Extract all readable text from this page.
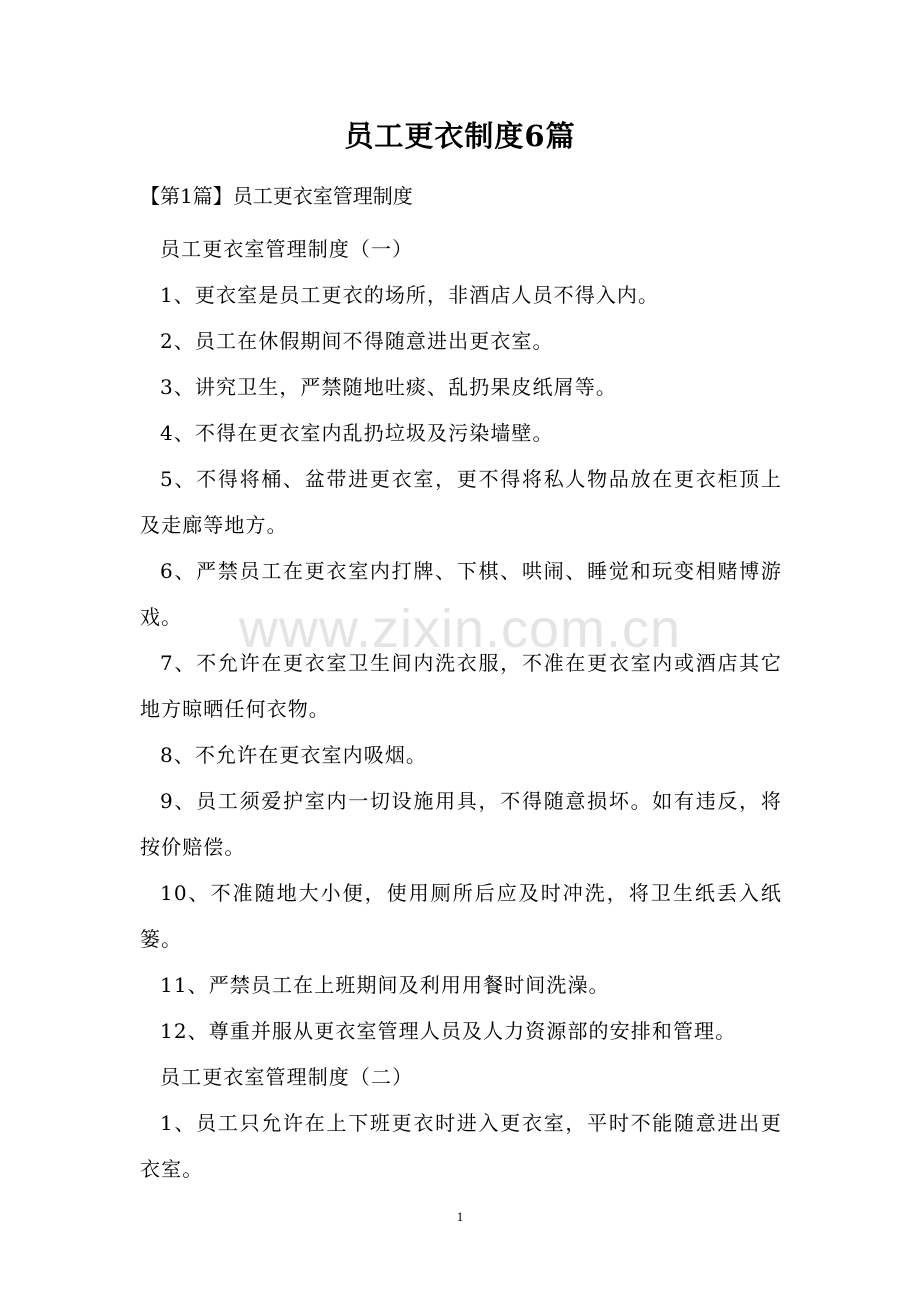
员工更衣制度6篇
【第1篇】员工更衣室管理制度

员工更衣室管理制度（一）

1、更衣室是员工更衣的场所，非酒店人员不得入内。

2、员工在休假期间不得随意进出更衣室。

3、讲究卫生，严禁随地吐痰、乱扔果皮纸屑等。

4、不得在更衣室内乱扔垃圾及污染墙壁。

5、不得将桶、盆带进更衣室，更不得将私人物品放在更衣柜顶上及走廊等地方。

6、严禁员工在更衣室内打牌、下棋、哄闹、睡觉和玩变相赌博游戏。

7、不允许在更衣室卫生间内洗衣服，不准在更衣室内或酒店其它地方晾晒任何衣物。

8、不允许在更衣室内吸烟。

9、员工须爱护室内一切设施用具，不得随意损坏。如有违反，将按价赔偿。

10、不准随地大小便，使用厕所后应及时冲洗，将卫生纸丢入纸篓。

11、严禁员工在上班期间及利用用餐时间洗澡。

12、尊重并服从更衣室管理人员及人力资源部的安排和管理。

员工更衣室管理制度（二）

1、员工只允许在上下班更衣时进入更衣室，平时不能随意进出更衣室。

www.zixin.com.cn
1
